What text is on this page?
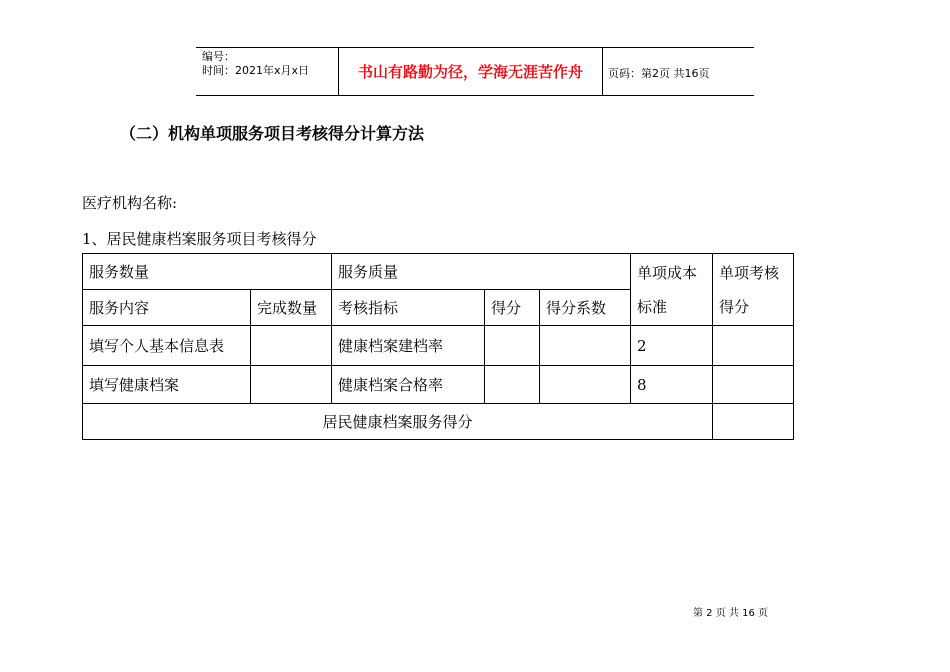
编号：
时间：2021年x月x日	书山有路勤为径，学海无涯苦作舟	页码：第2页 共16页
（二）机构单项服务项目考核得分计算方法
医疗机构名称:
1、居民健康档案服务项目考核得分
服务数量		服务质量			单项成本标准	单项考核得分
服务内容	完成数量	考核指标	得分	得分系数		
填写个人基本信息表		健康档案建档率			2	
填写健康档案		健康档案合格率			8	
居民健康档案服务得分						
第 2 页 共 16 页
